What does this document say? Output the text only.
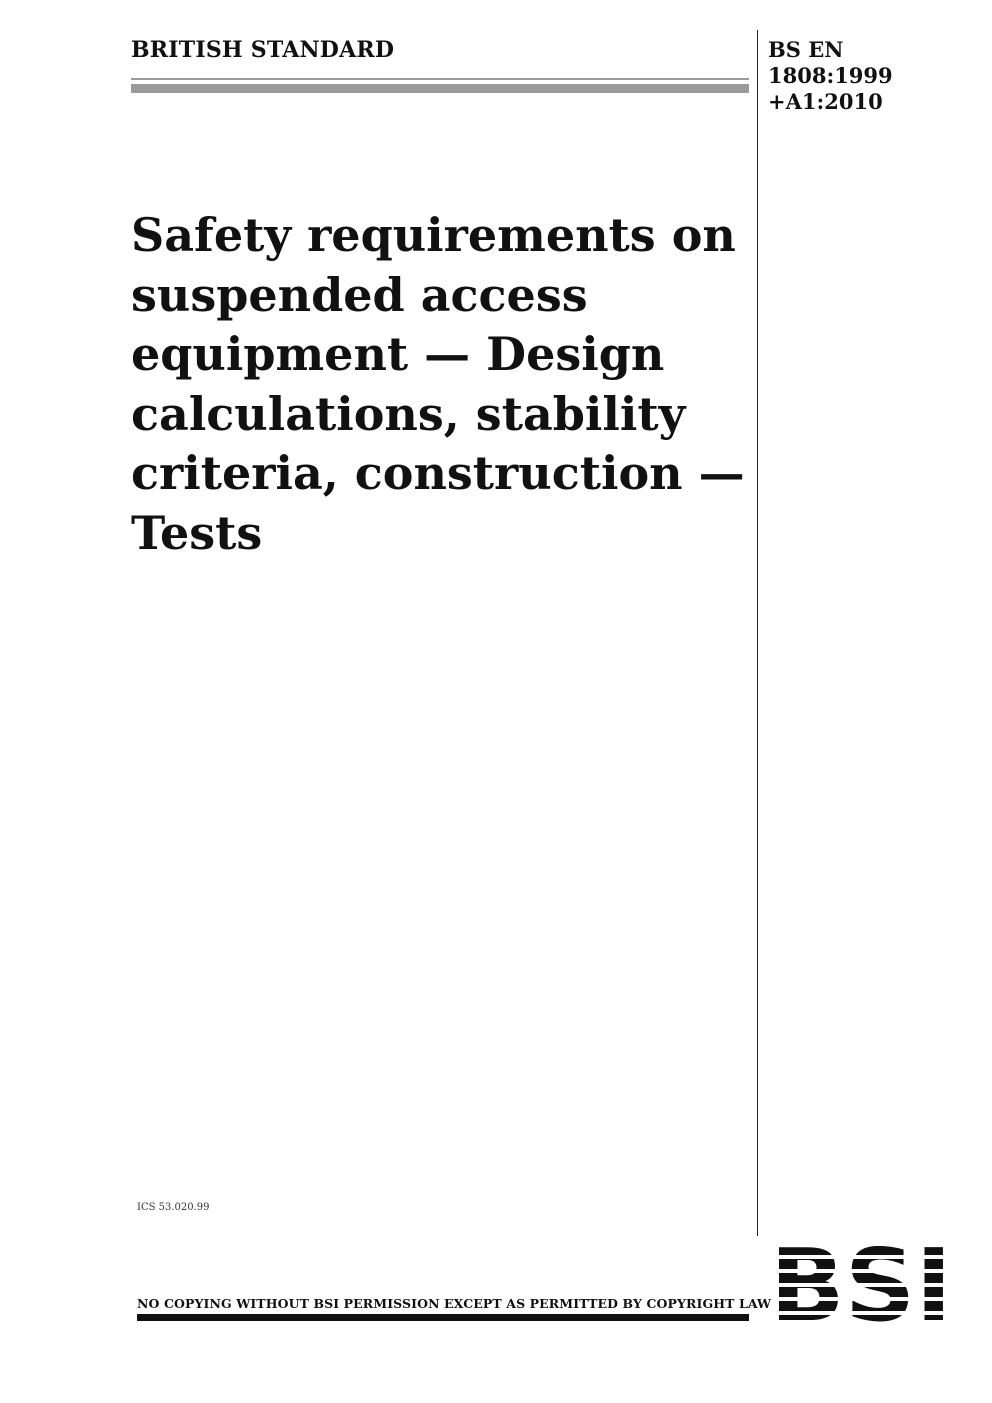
BRITISH STANDARD	BS EN
1808:1999
+A1:2010
Safety requirements on
suspended access
equipment — Design
calculations, stability
criteria, construction —
Tests
ICS 53.020.99
NO COPYING WITHOUT BSI PERMISSION EXCEPT AS PERMITTED BY COPYRIGHT LAW
BSI
